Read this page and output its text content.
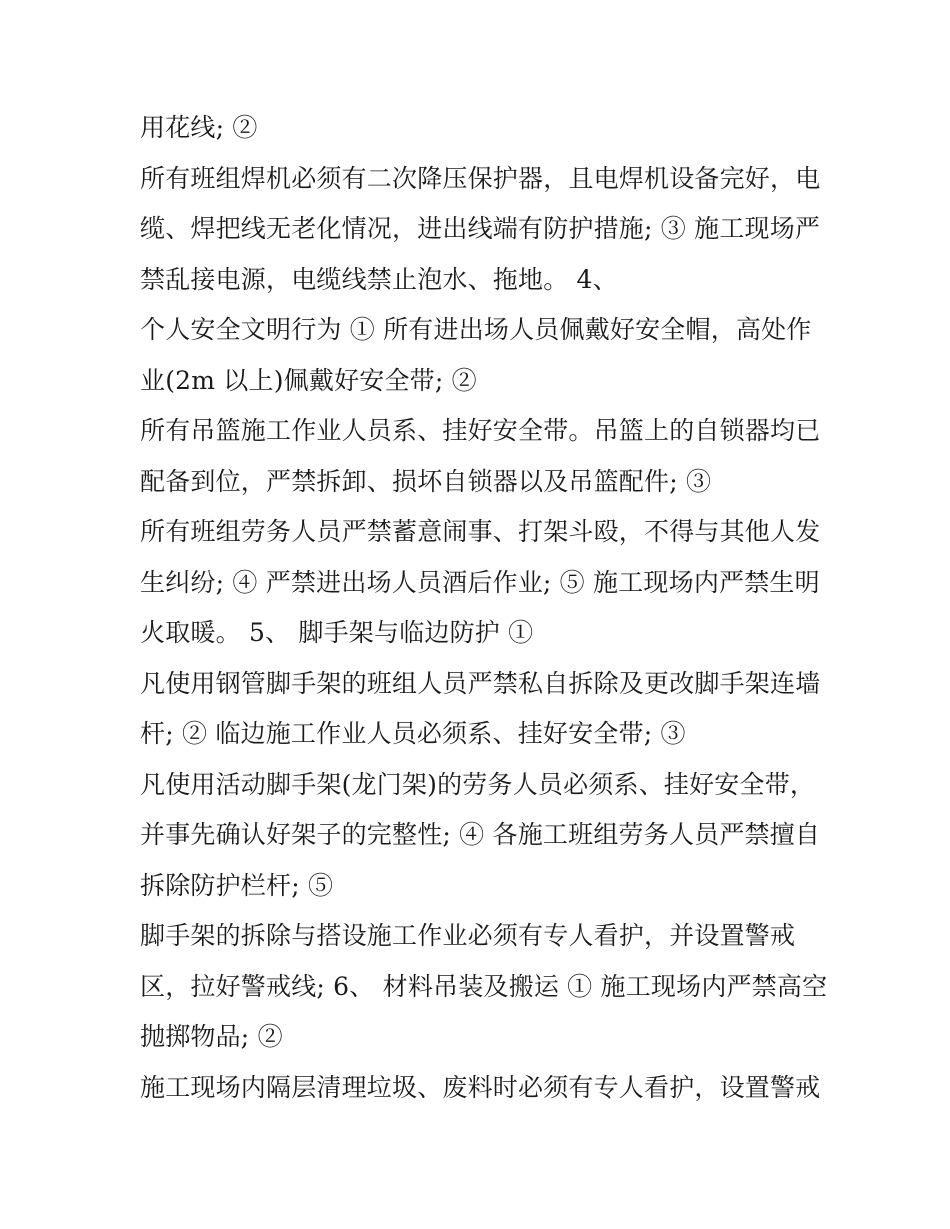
用花线; ②
所有班组焊机必须有二次降压保护器，且电焊机设备完好，电
缆、焊把线无老化情况，进出线端有防护措施; ③ 施工现场严
禁乱接电源，电缆线禁止泡水、拖地。 4、
个人安全文明行为 ① 所有进出场人员佩戴好安全帽，高处作
业(2m 以上)佩戴好安全带; ②
所有吊篮施工作业人员系、挂好安全带。吊篮上的自锁器均已
配备到位，严禁拆卸、损坏自锁器以及吊篮配件; ③
所有班组劳务人员严禁蓄意闹事、打架斗殴，不得与其他人发
生纠纷; ④ 严禁进出场人员酒后作业; ⑤ 施工现场内严禁生明
火取暖。 5、 脚手架与临边防护 ①
凡使用钢管脚手架的班组人员严禁私自拆除及更改脚手架连墙
杆; ② 临边施工作业人员必须系、挂好安全带; ③
凡使用活动脚手架(龙门架)的劳务人员必须系、挂好安全带，
并事先确认好架子的完整性; ④ 各施工班组劳务人员严禁擅自
拆除防护栏杆; ⑤
脚手架的拆除与搭设施工作业必须有专人看护，并设置警戒
区，拉好警戒线; 6、 材料吊装及搬运 ① 施工现场内严禁高空
抛掷物品; ②
施工现场内隔层清理垃圾、废料时必须有专人看护，设置警戒
